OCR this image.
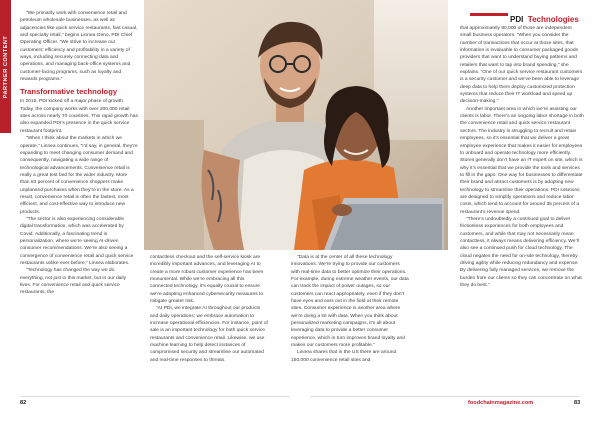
PARTNER CONTENT
PDI Technologies

“We primarily work with convenience retail and petroleum wholesale businesses, as well as adjacencies like quick service restaurants, fast casual, and specialty retail,” begins Linnea Geno, PDI Chief Operating Officer. “We strive to increase our customers’ efficiency and profitability in a variety of ways, including securely connecting data and operations, and managing back-office systems and customer-facing programs, such as loyalty and rewards programs.”

Transformative technology

In 2015, PDI kicked off a major phase of growth. Today, the company works with over 200,000 retail sites across nearly 70 countries. This rapid growth has also expanded PDI’s presence in the quick service restaurant footprint.

“When I think about the markets in which we operate,” Linnea continues, “I’d say, in general, they’re expanding to meet changing consumer demand and consequently, navigating a wide range of technological advancements. Convenience retail is really a great test bed for the wider industry. More than 83 percent of convenience shoppers make unplanned purchases when they’re in the store. As a result, convenience retail is often the fastest, most efficient, and cost-effective way to introduce new products.

“The sector is also experiencing considerable digital transformation, which was accelerated by Covid. Additionally, a fascinating trend is personalization, where we’re seeing AI-driven consumer recommendations. We’re also seeing a convergence of convenience retail and quick service restaurants unlike ever before,” Linnea elaborates.

“Technology has changed the way we do everything, not just in this market, but in our daily lives. For convenience retail and quick service restaurants, the

contactless checkout and the self-service kiosk are incredibly important advances, and leveraging AI to create a more robust customer experience has been monumental. While we’re embracing all this connected technology, it’s equally crucial to ensure we’re adopting enhanced cybersecurity measures to mitigate greater risk.

“At PDI, we integrate AI throughout our products and daily operations; we embrace automation to increase operational efficiencies. For instance, point of sale is an important technology for both quick service restaurants and convenience retail. Likewise, we use machine learning to help detect instances of compromised security and streamline our automated and real-time responses to threats.

“Data is at the center of all these technology innovations. We’re trying to provide our customers with real-time data to better optimize their operations. For example, during extreme weather events, our data can track the impact of power outages, so our customers can react appropriately, even if they don’t have eyes and ears out in the field at their remote sites. Consumer experience is another area where we’re doing a lot with data. When you think about personalized marketing campaigns, it’s all about leveraging data to provide a better consumer experience, which in turn improves brand loyalty and makes our customers more profitable.”

Linnea shares that in the US there are around 150,000 convenience retail sites and

that approximately 90,000 of those are independent small business operators. “When you consider the number of transactions that occur at those sites, that information is invaluable to consumer packaged goods providers that want to understand buying patterns and retailers that want to tap into brand spending,” she explains. “One of our quick service restaurant customers is a security customer and we’ve been able to leverage deep data to help them deploy customized protection systems that reduce their IT workload and speed up decision-making.”

Another important area in which we’re assisting our clients is labor. There’s an ongoing labor shortage in both the convenience retail and quick service restaurant sectors. The industry is struggling to recruit and retain employees, so it’s essential that we deliver a great employee experience that makes it easier for employees to onboard and operate technology more efficiently. Stores generally don’t have an IT expert on site, which is why it’s essential that we provide the tools and services to fill in the gaps. One way for businesses to differentiate their brand and attract customers is by adopting new technology to streamline their operations. PDI solutions are designed to simplify operations and reduce labor costs, which tend to account for around 35 percent of a restaurant’s revenue spend.

“There’s undoubtedly a continued goal to deliver frictionless experiences for both employees and customers, and while that may not necessarily mean contactless, it always means delivering efficiency. We’ll also see a continued push for cloud technology. The cloud negates the need for on-site technology, thereby driving agility while reducing redundancy and expense. By delivering fully managed services, we remove the burden from our clients so they can concentrate on what they do best.”

82	foodchainmagazine.com	83
